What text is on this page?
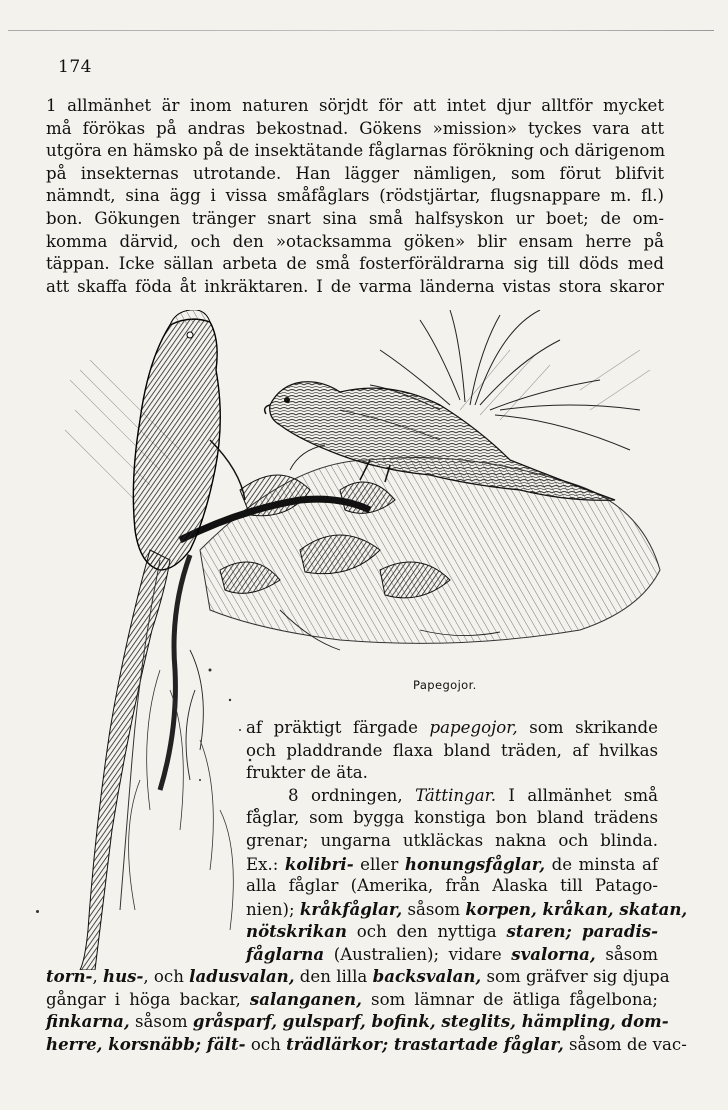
174
1 allmänhet är inom naturen sörjdt för att intet djur alltför mycket
må förökas på andras bekostnad. Gökens »mission» tyckes vara att
utgöra en hämsko på de insektätande fåglarnas förökning och därigenom
på insekternas utrotande. Han lägger nämligen, som förut blifvit
nämndt, sina ägg i vissa småfåglars (rödstjärtar, flugsnappare m. fl.)
bon. Gökungen tränger snart sina små halfsyskon ur boet; de om-
komma därvid, och den »otacksamma göken» blir ensam herre på
täppan. Icke sällan arbeta de små fosterföräldrarna sig till döds med
att skaffa föda åt inkräktaren. I de varma länderna vistas stora skaror
Papegojor.
af präktigt färgade papegojor, som skrikande
och pladdrande flaxa bland träden, af hvilkas
frukter de äta.
8 ordningen, Tättingar. I allmänhet små
fåglar, som bygga konstiga bon bland trädens
grenar; ungarna utkläckas nakna och blinda.
Ex.: kolibri- eller honungsfåglar, de minsta af
alla fåglar (Amerika, från Alaska till Patago-
nien); kråkfåglar, såsom korpen, kråkan, skatan,
nötskrikan och den nyttiga staren; paradis-
fåglarna (Australien); vidare svalorna, såsom
torn-, hus-, och ladusvalan, den lilla backsvalan, som gräfver sig djupa
gångar i höga backar, salanganen, som lämnar de ätliga fågelbona;
finkarna, såsom gråsparf, gulsparf, bofink, steglits, hämpling, dom-
herre, korsnäbb; fält- och trädlärkor; trastartade fåglar, såsom de vac-
